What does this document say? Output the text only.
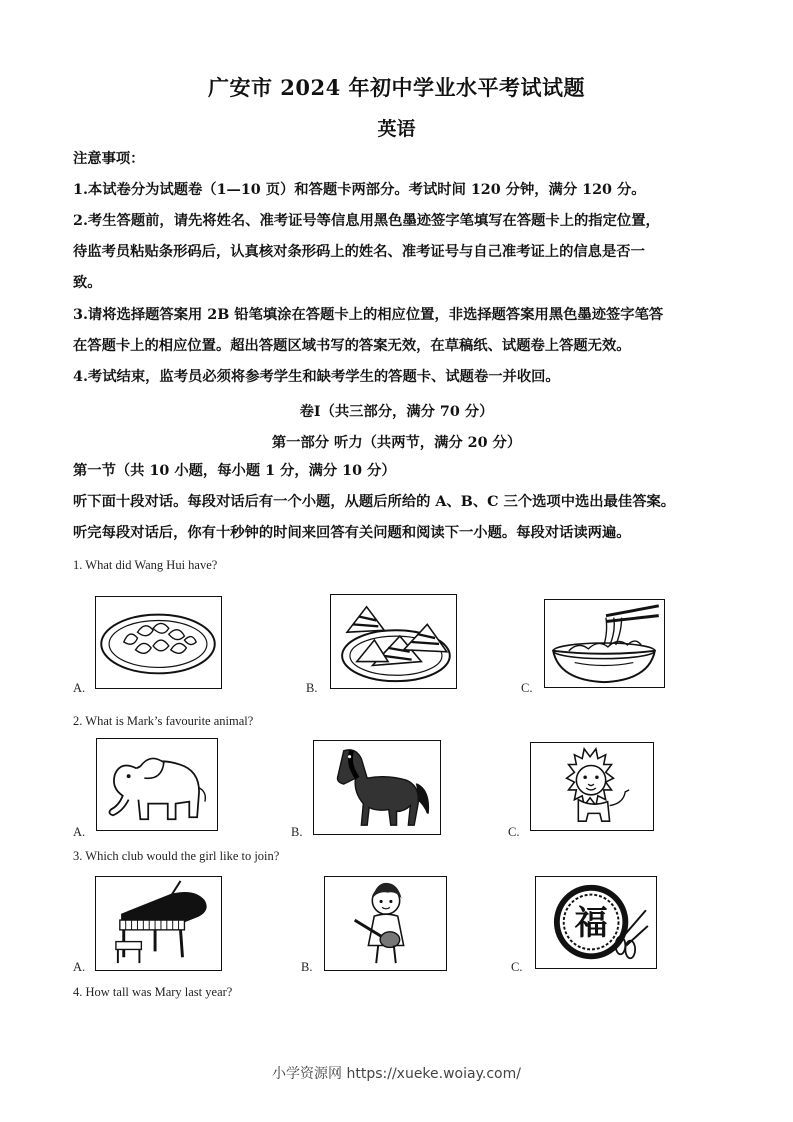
广安市 2024 年初中学业水平考试试题
英语
注意事项：
1.本试卷分为试题卷（1—10 页）和答题卡两部分。考试时间 120 分钟，满分 120 分。
2.考生答题前，请先将姓名、准考证号等信息用黑色墨迹签字笔填写在答题卡上的指定位置，
待监考员粘贴条形码后，认真核对条形码上的姓名、准考证号与自己准考证上的信息是否一
致。
3.请将选择题答案用 2B 铅笔填涂在答题卡上的相应位置，非选择题答案用黑色墨迹签字笔答
在答题卡上的相应位置。超出答题区域书写的答案无效，在草稿纸、试题卷上答题无效。
4.考试结束，监考员必须将参考学生和缺考学生的答题卡、试题卷一并收回。
卷Ⅰ（共三部分，满分 70 分）
第一部分 听力（共两节，满分 20 分）
第一节（共 10 小题，每小题 1 分，满分 10 分）
听下面十段对话。每段对话后有一个小题，从题后所给的 A、B、C 三个选项中选出最佳答案。
听完每段对话后，你有十秒钟的时间来回答有关问题和阅读下一小题。每段对话读两遍。
1. What did Wang Hui have?
A.	B.	C.
2. What is Mark’s favourite animal?
A.	B.	C.
3. Which club would the girl like to join?
A.	B.	C.
福
4. How tall was Mary last year?
小学资源网 https://xueke.woiay.com/
